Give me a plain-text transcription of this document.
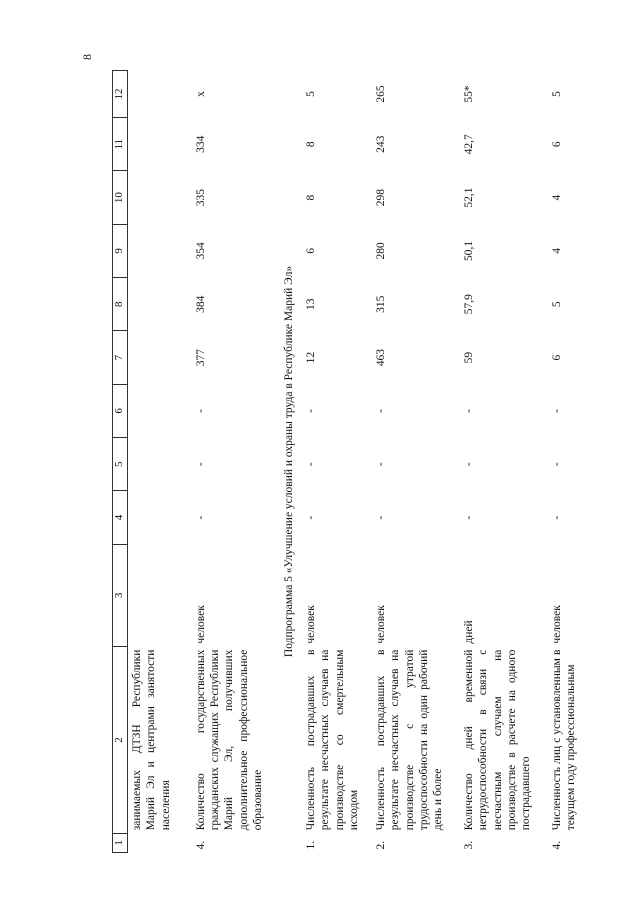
8
1	2	3	4	5	6	7	8	9	10	11	12
	занимаемых ДТЗН Республики Марий Эл и центрами занятости населения										
4.	Количество государственных гражданских служащих Республики Марий Эл, получивших дополнительное профессиональное образование	человек	-	-	-	377	384	354	335	334	x
Подпрограмма 5 «Улучшение условий и охраны труда в Республике Марий Эл»											
1.	Численность пострадавших в результате несчастных случаев на производстве со смертельным исходом	человек	-	-	-	12	13	6	8	8	5
2.	Численность пострадавших в результате несчастных случаев на производстве с утратой трудоспособности на один рабочий день и более	человек	-	-	-	463	315	280	298	243	265
3.	Количество дней временной нетрудоспособности в связи с несчастным случаем на производстве в расчете на одного пострадавшего	дней	-	-	-	59	57,9	50,1	52,1	42,7	55*
4.	Численность лиц с установленным в текущем году профессиональным	человек	-	-	-	6	5	4	4	6	5
